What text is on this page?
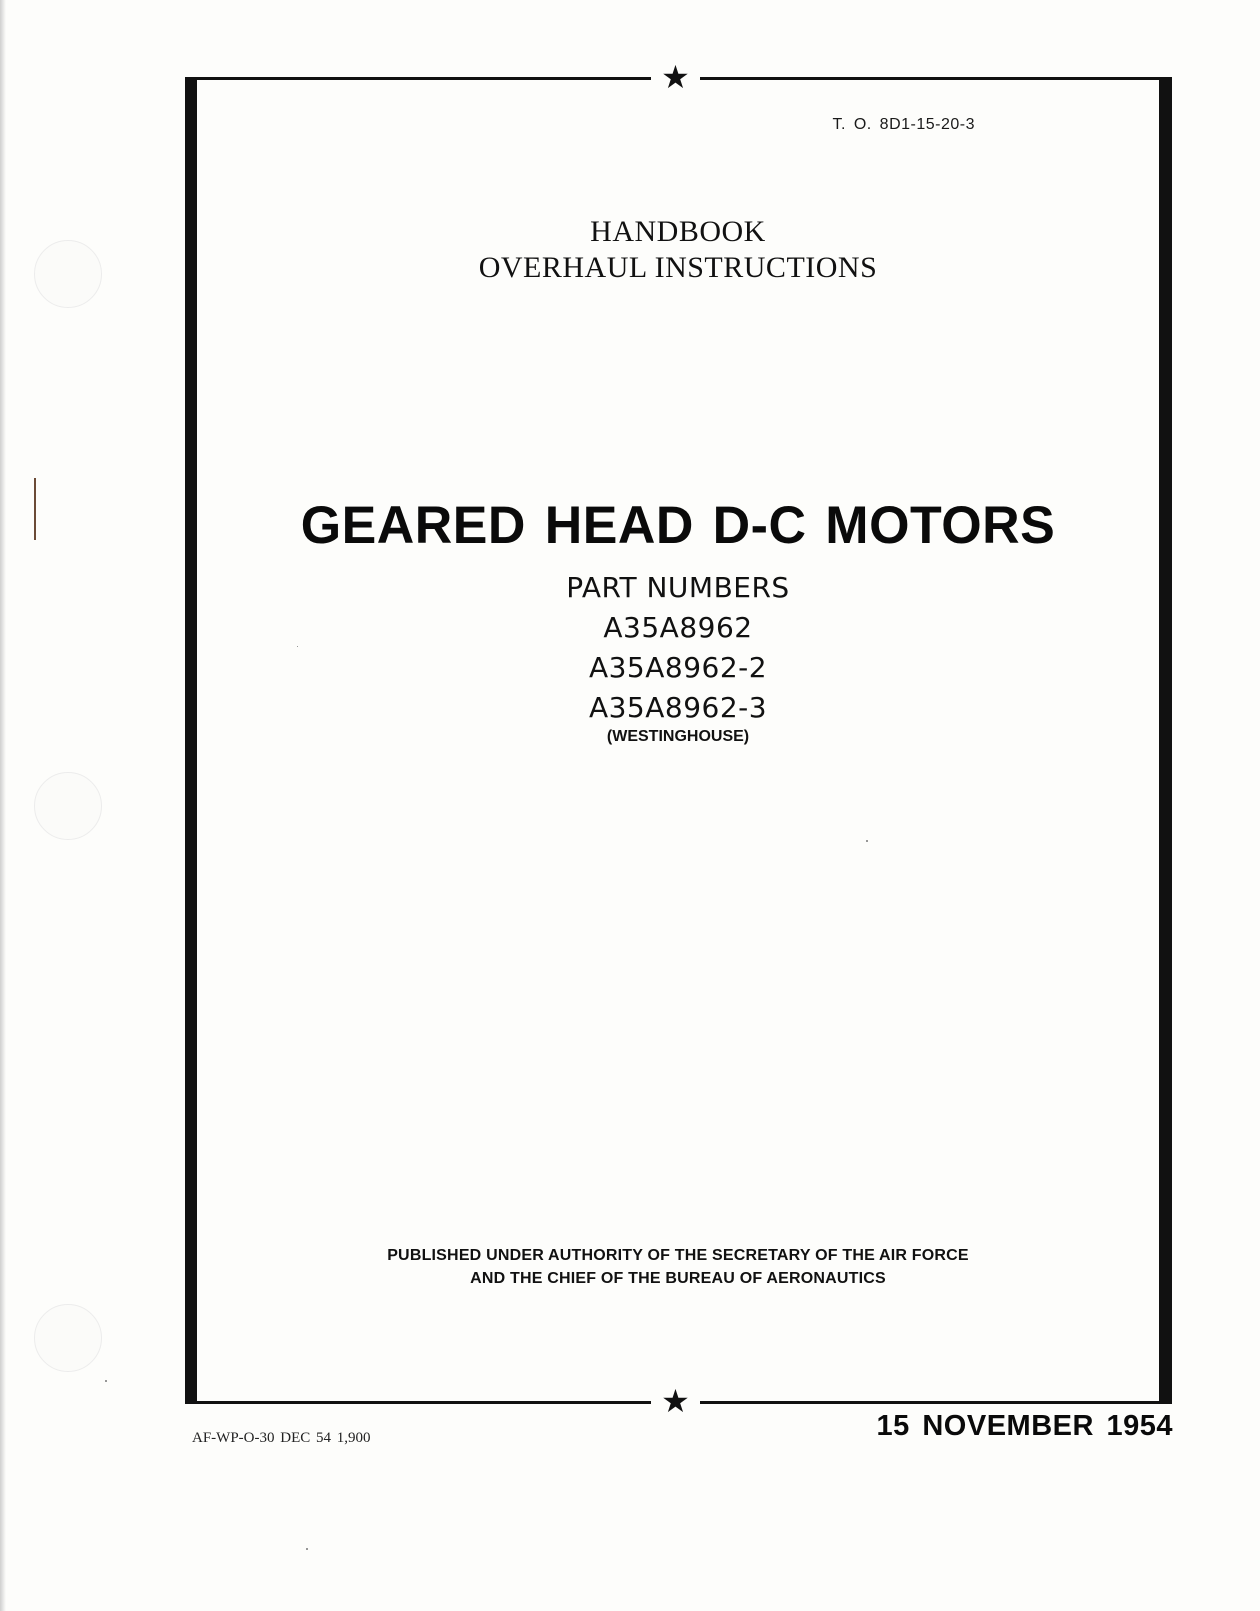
★
★
T. O. 8D1-15-20-3
HANDBOOK
OVERHAUL INSTRUCTIONS
GEARED HEAD D-C MOTORS
PART NUMBERS
A35A8962
A35A8962-2
A35A8962-3
(WESTINGHOUSE)
PUBLISHED UNDER AUTHORITY OF THE SECRETARY OF THE AIR FORCE
AND THE CHIEF OF THE BUREAU OF AERONAUTICS
AF-WP-O-30 DEC 54 1,900	15 NOVEMBER 1954
